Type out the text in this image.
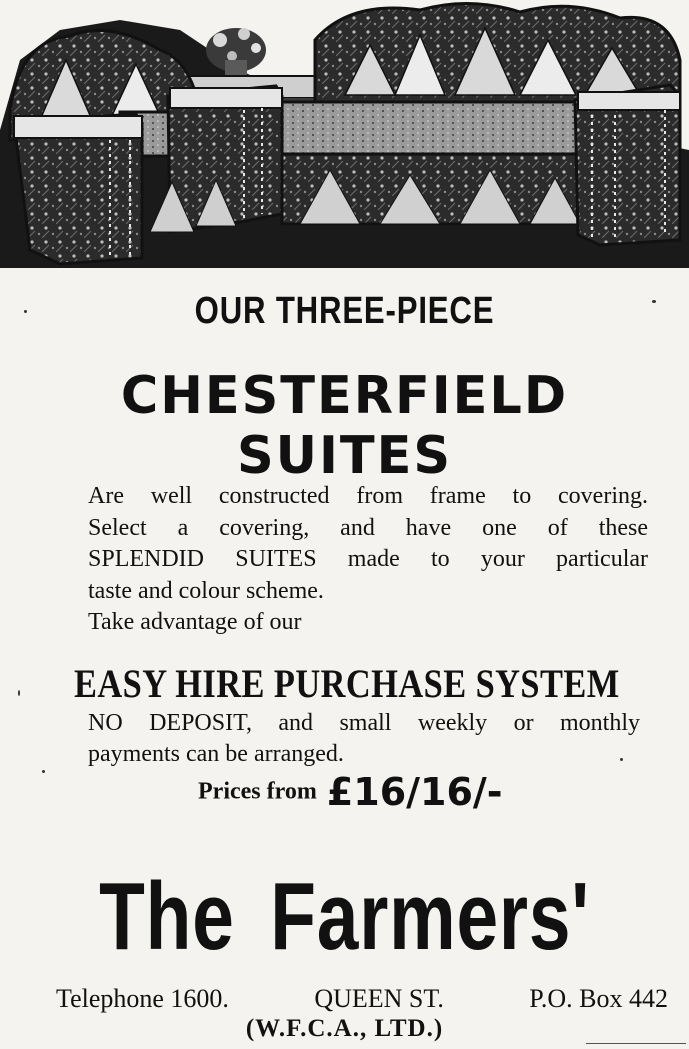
OUR THREE-PIECE
CHESTERFIELD SUITES

Are well constructed from frame to covering.

Select a covering, and have one of these

SPLENDID SUITES made to your particular

taste and colour scheme.

Take advantage of our

EASY HIRE PURCHASE SYSTEM

NO DEPOSIT, and small weekly or monthly

payments can be arranged.

Prices from £16/16/-
The Farmers'
Telephone 1600.	QUEEN ST.	P.O. Box 442
(W.F.C.A., LTD.)
